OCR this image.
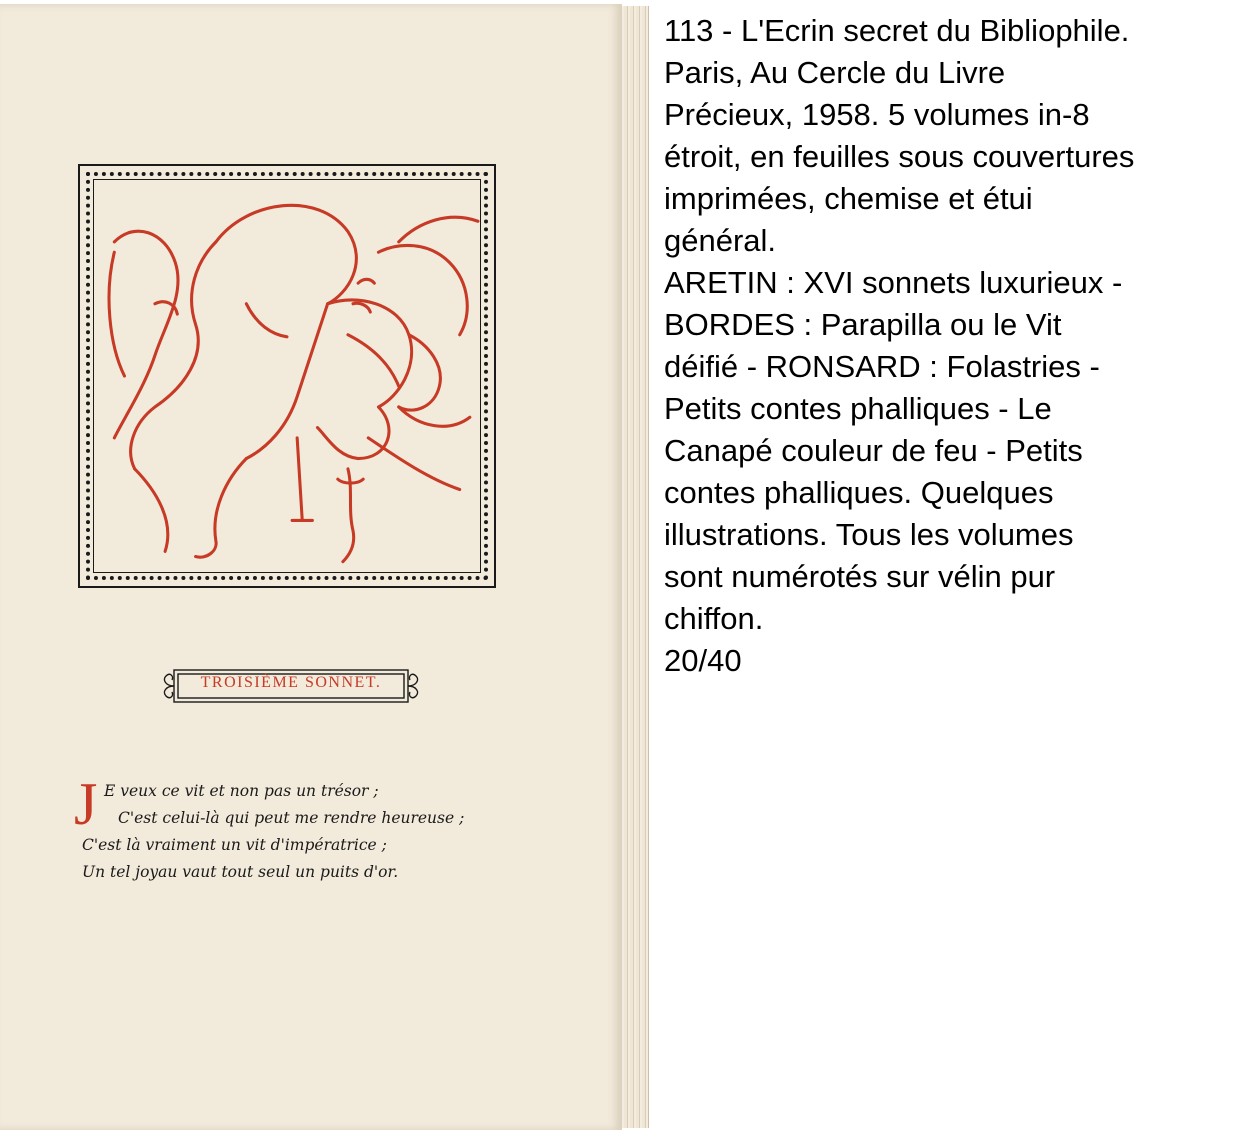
TROISIÈME SONNET.
J E veux ce vit et non pas un trésor ;
C'est celui-là qui peut me rendre heureuse ;
C'est là vraiment un vit d'impératrice ;
Un tel joyau vaut tout seul un puits d'or.
113 - L'Ecrin secret du Bibliophile.
Paris, Au Cercle du Livre
Précieux, 1958. 5 volumes in-8
étroit, en feuilles sous couvertures
imprimées, chemise et étui
général.
ARETIN : XVI sonnets luxurieux -
BORDES : Parapilla ou le Vit
déifié - RONSARD : Folastries -
Petits contes phalliques - Le
Canapé couleur de feu - Petits
contes phalliques. Quelques
illustrations. Tous les volumes
sont numérotés sur vélin pur
chiffon.
20/40
